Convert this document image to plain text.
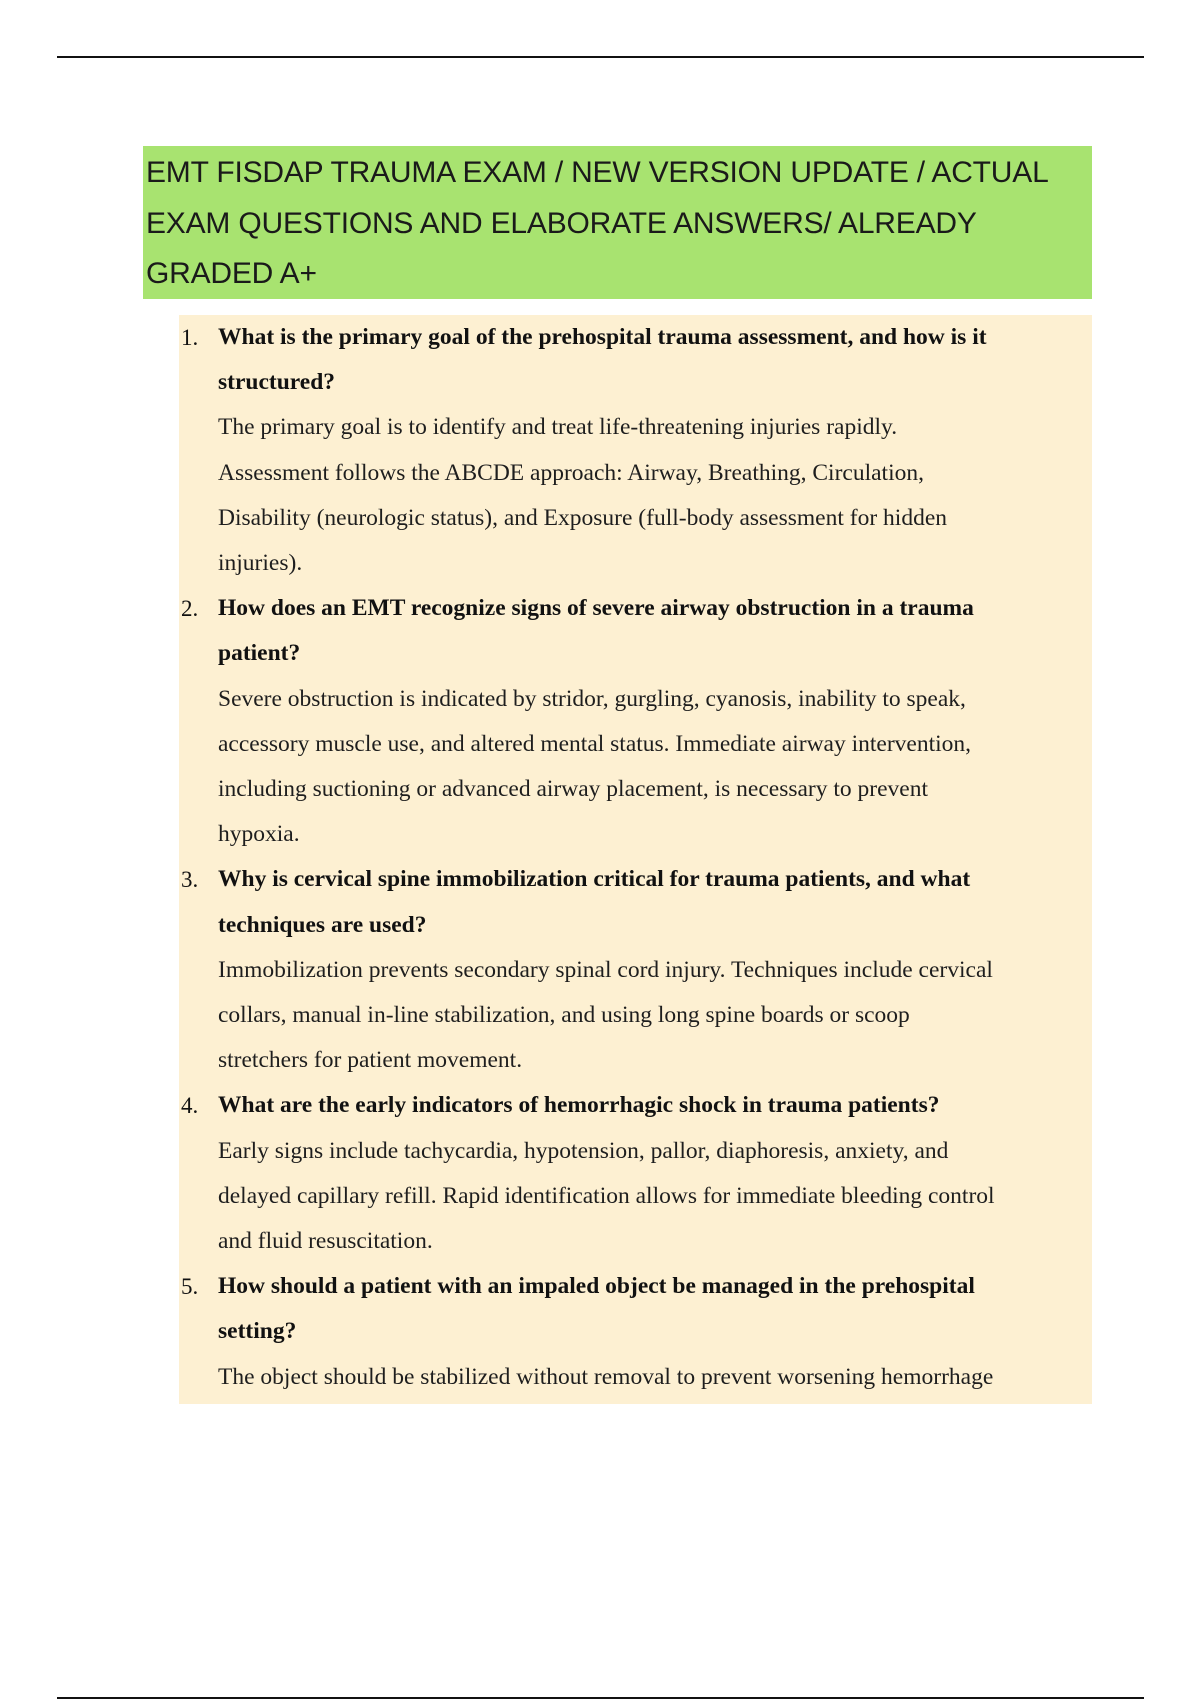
EMT FISDAP TRAUMA EXAM / NEW VERSION UPDATE / ACTUAL
EXAM QUESTIONS AND ELABORATE ANSWERS/ ALREADY
GRADED A+
1. What is the primary goal of the prehospital trauma assessment, and how is it
structured?
The primary goal is to identify and treat life-threatening injuries rapidly.
Assessment follows the ABCDE approach: Airway, Breathing, Circulation,
Disability (neurologic status), and Exposure (full-body assessment for hidden
injuries).
2. How does an EMT recognize signs of severe airway obstruction in a trauma
patient?
Severe obstruction is indicated by stridor, gurgling, cyanosis, inability to speak,
accessory muscle use, and altered mental status. Immediate airway intervention,
including suctioning or advanced airway placement, is necessary to prevent
hypoxia.
3. Why is cervical spine immobilization critical for trauma patients, and what
techniques are used?
Immobilization prevents secondary spinal cord injury. Techniques include cervical
collars, manual in-line stabilization, and using long spine boards or scoop
stretchers for patient movement.
4. What are the early indicators of hemorrhagic shock in trauma patients?
Early signs include tachycardia, hypotension, pallor, diaphoresis, anxiety, and
delayed capillary refill. Rapid identification allows for immediate bleeding control
and fluid resuscitation.
5. How should a patient with an impaled object be managed in the prehospital
setting?
The object should be stabilized without removal to prevent worsening hemorrhage
